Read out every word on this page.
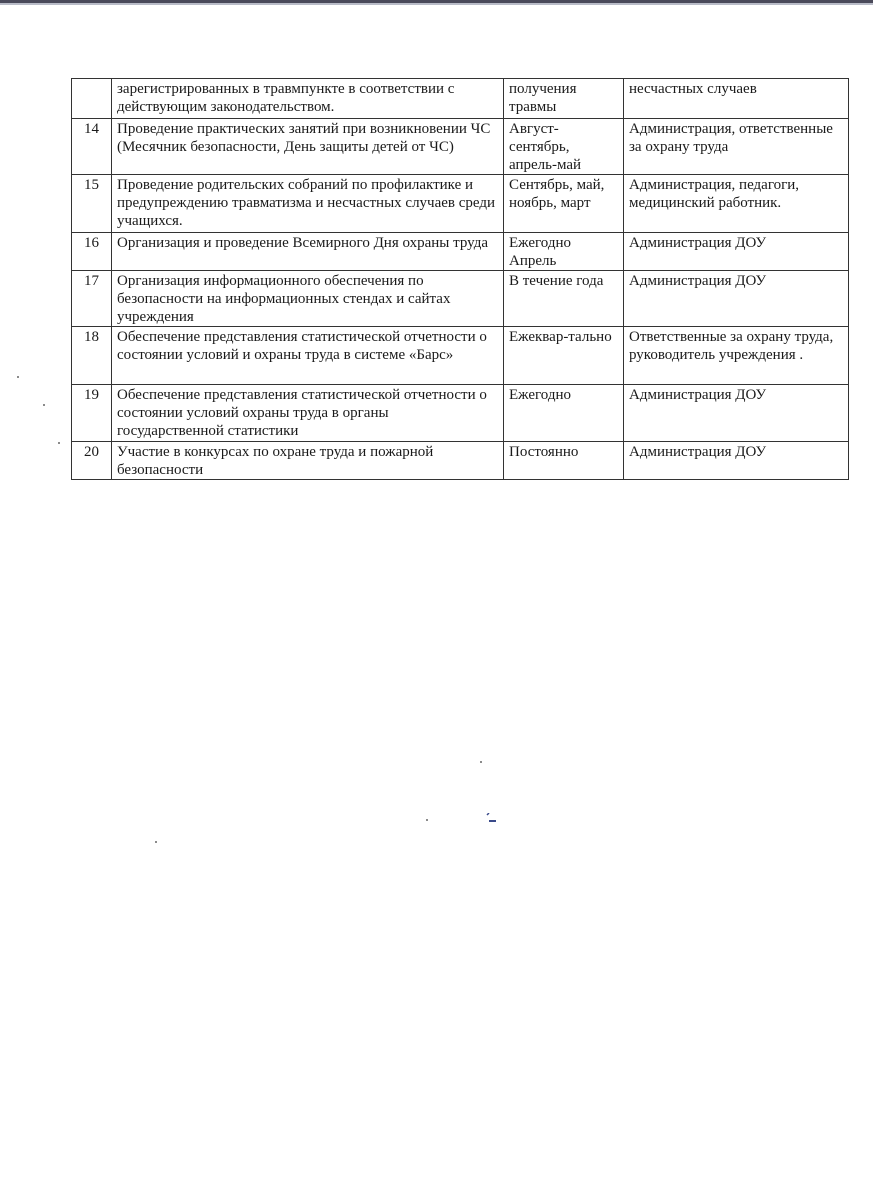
	зарегистрированных в травмпункте в соответствии с действующим законодательством.	получения травмы	несчастных случаев
14	Проведение практических занятий при возникновении ЧС (Месячник безопасности, День защиты детей от ЧС)	Август-сентябрь, апрель-май	Администрация, ответственные за охрану труда
15	Проведение родительских собраний по профилактике и предупреждению травматизма и несчастных случаев среди учащихся.	Сентябрь, май, ноябрь, март	Администрация, педагоги, медицинский работник.
16	Организация и проведение Всемирного Дня охраны труда	Ежегодно Апрель	Администрация ДОУ
17	Организация информационного обеспечения по безопасности на информационных стендах и сайтах учреждения	В течение года	Администрация ДОУ
18	Обеспечение представления статистической отчетности о состоянии условий и охраны труда в системе «Барс»	Ежеквар-тально	Ответственные за охрану труда, руководитель учреждения .
19	Обеспечение представления статистической отчетности о состоянии условий охраны труда в органы государственной статистики	Ежегодно	Администрация ДОУ
20	Участие в конкурсах по охране труда и пожарной безопасности	Постоянно	Администрация ДОУ
